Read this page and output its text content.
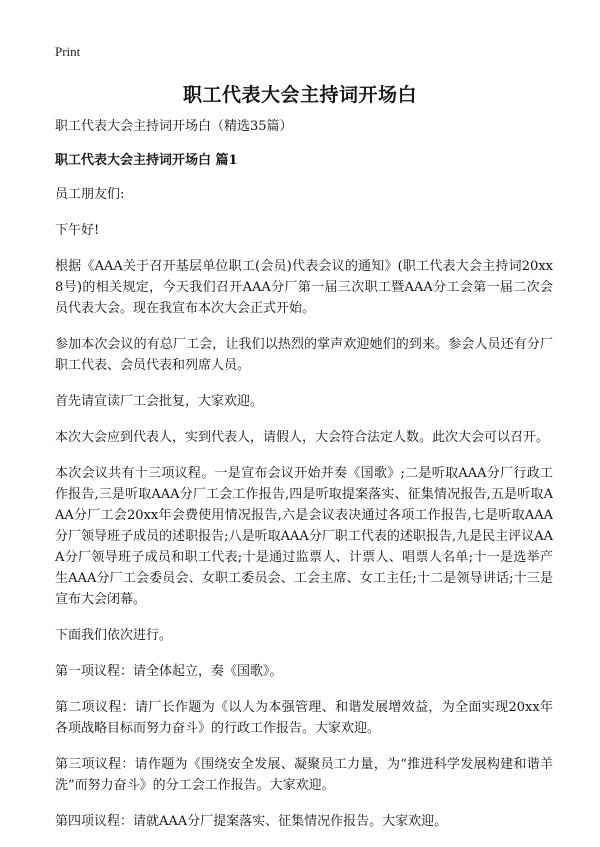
Print
职工代表大会主持词开场白

职工代表大会主持词开场白（精选35篇）

职工代表大会主持词开场白 篇1

员工朋友们:

下午好!

根据《AAA关于召开基层单位职工(会员)代表会议的通知》(职工代表大会主持词20xx8号)的相关规定，今天我们召开AAA分厂第一届三次职工暨AAA分工会第一届二次会员代表大会。现在我宣布本次大会正式开始。

参加本次会议的有总厂工会，让我们以热烈的掌声欢迎她们的到来。参会人员还有分厂职工代表、会员代表和列席人员。

首先请宣读厂工会批复，大家欢迎。

本次大会应到代表人，实到代表人，请假人，大会符合法定人数。此次大会可以召开。

本次会议共有十三项议程。一是宣布会议开始并奏《国歌》;二是听取AAA分厂行政工作报告,三是听取AAA分厂工会工作报告,四是听取提案落实、征集情况报告,五是听取AAA分厂工会20xx年会费使用情况报告,六是会议表决通过各项工作报告,七是听取AAA分厂领导班子成员的述职报告;八是听取AAA分厂职工代表的述职报告,九是民主评议AAA分厂领导班子成员和职工代表;十是通过监票人、计票人、唱票人名单;十一是选举产生AAA分厂工会委员会、女职工委员会、工会主席、女工主任;十二是领导讲话;十三是宣布大会闭幕。

下面我们依次进行。

第一项议程：请全体起立，奏《国歌》。

第二项议程：请厂长作题为《以人为本强管理、和谐发展增效益，为全面实现20xx年各项战略目标而努力奋斗》的行政工作报告。大家欢迎。

第三项议程：请作题为《围绕安全发展、凝聚员工力量，为“推进科学发展构建和谐羊洗”而努力奋斗》的分工会工作报告。大家欢迎。

第四项议程：请就AAA分厂提案落实、征集情况作报告。大家欢迎。
